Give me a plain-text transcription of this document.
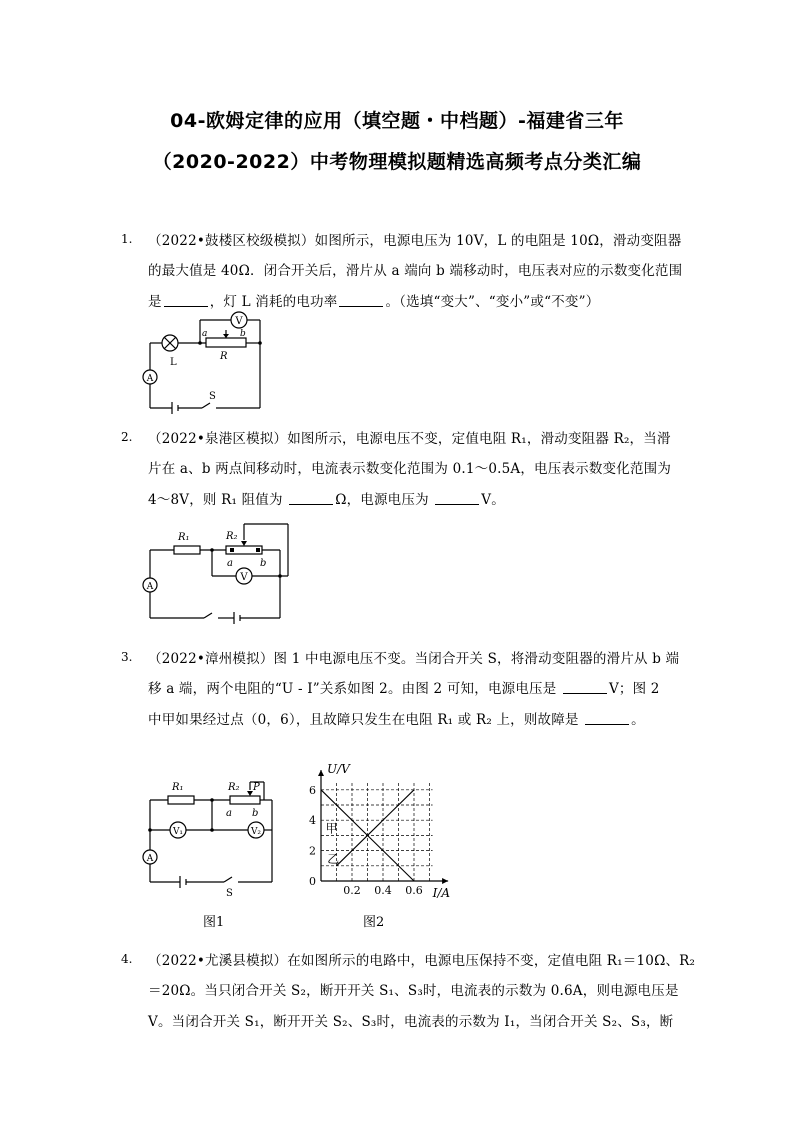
04-欧姆定律的应用（填空题・中档题）-福建省三年
（2020-2022）中考物理模拟题精选高频考点分类汇编
1. （2022•鼓楼区校级模拟）如图所示，电源电压为 10V，L 的电阻是 10Ω，滑动变阻器
的最大值是 40Ω．闭合开关后，滑片从 a 端向 b 端移动时，电压表对应的示数变化范围
是	，灯 L 消耗的电功率	。（选填“变大”、“变小”或“不变”）
V
a	b
R
L
A
S
2. （2022•泉港区模拟）如图所示，电源电压不变，定值电阻 R₁，滑动变阻器 R₂，当滑
片在 a、b 两点间移动时，电流表示数变化范围为 0.1～0.5A，电压表示数变化范围为
4～8V，则 R₁ 阻值为	Ω，电源电压为	V。
R₁	R₂
a	b
V
A
3. （2022•漳州模拟）图 1 中电源电压不变。当闭合开关 S，将滑动变阻器的滑片从 b 端
移 a 端，两个电阻的“U - I”关系如图 2。由图 2 可知，电源电压是	V；图 2
中甲如果经过点（0，6），且故障只发生在电阻 R₁ 或 R₂ 上，则故障是	。
R₁	R₂ P
a b
V₁	V₂
A
S
图1
0.2 0.4 0.6
0
2
4
6
U/V
I/A
甲
乙
图2
4. （2022•尤溪县模拟）在如图所示的电路中，电源电压保持不变，定值电阻 R₁＝10Ω、R₂
＝20Ω。当只闭合开关 S₂，断开开关 S₁、S₃时，电流表的示数为 0.6A，则电源电压是
V。当闭合开关 S₁，断开开关 S₂、S₃时，电流表的示数为 I₁，当闭合开关 S₂、S₃，断
